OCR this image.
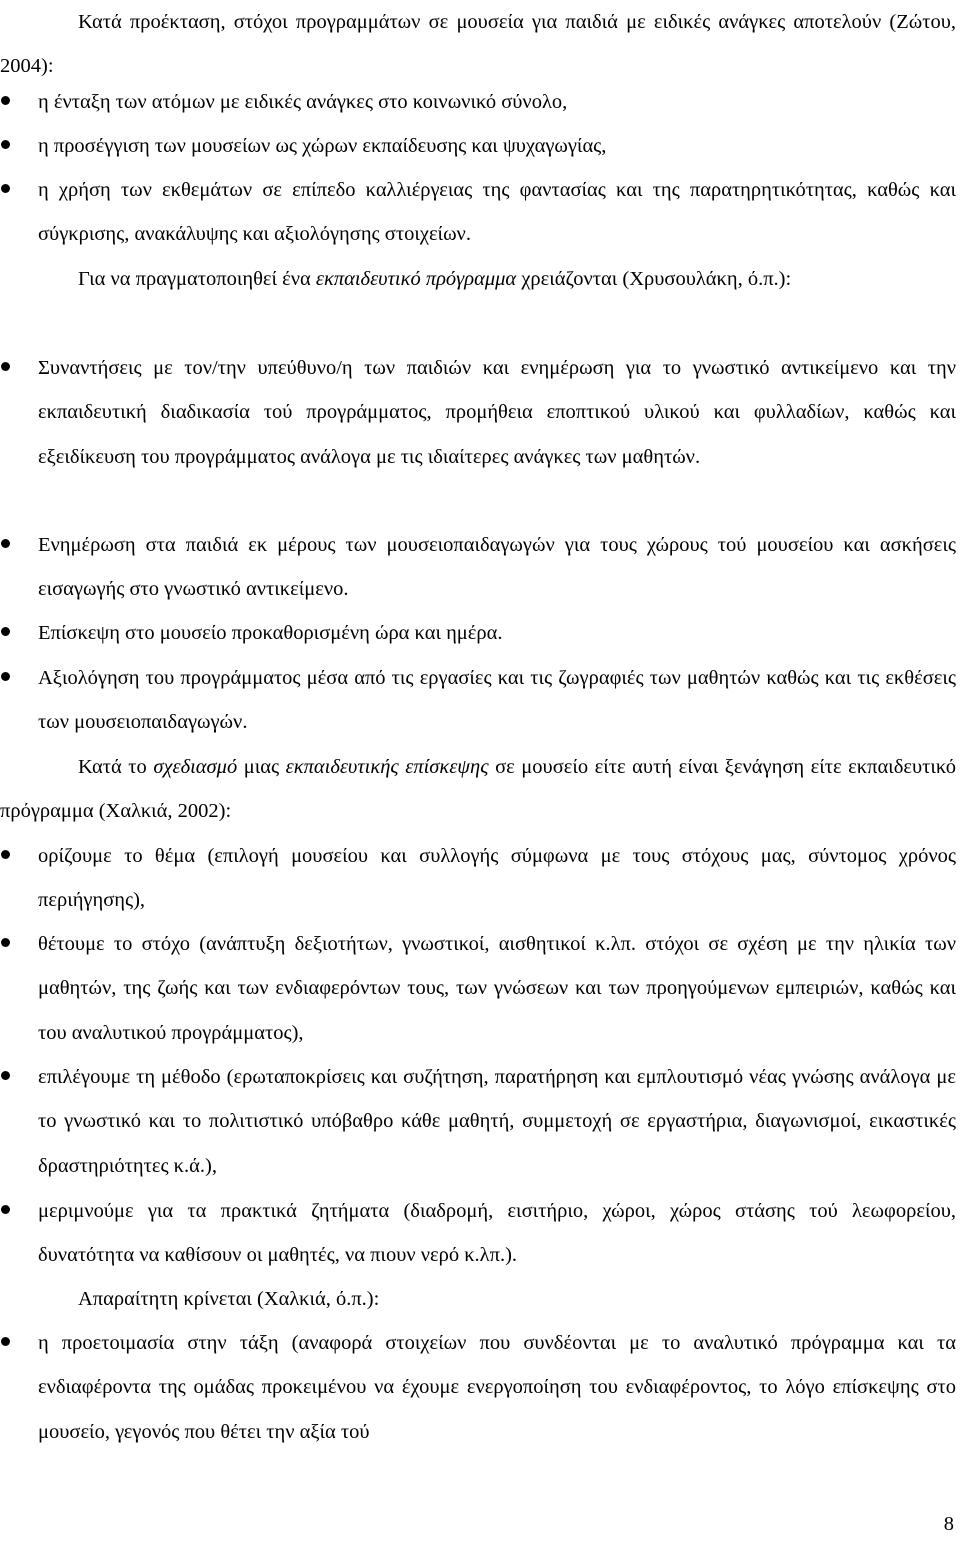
Κατά προέκταση, στόχοι προγραμμάτων σε μουσεία για παιδιά με ειδικές ανάγκες αποτελούν (Ζώτου, 2004):

η ένταξη των ατόμων με ειδικές ανάγκες στο κοινωνικό σύνολο,

η προσέγγιση των μουσείων ως χώρων εκπαίδευσης και ψυχαγωγίας,

η χρήση των εκθεμάτων σε επίπεδο καλλιέργειας της φαντασίας και της παρατηρητικότητας, καθώς και σύγκρισης, ανακάλυψης και αξιολόγησης στοιχείων.

Για να πραγματοποιηθεί ένα εκπαιδευτικό πρόγραμμα χρειάζονται (Χρυσουλάκη, ό.π.):

Συναντήσεις με τον/την υπεύθυνο/η των παιδιών και ενημέρωση για το γνωστικό αντικείμενο και την εκπαιδευτική διαδικασία τού προγράμματος, προμήθεια εποπτικού υλικού και φυλλαδίων, καθώς και εξειδίκευση του προγράμματος ανάλογα με τις ιδιαίτερες ανάγκες των μαθητών.

Ενημέρωση στα παιδιά εκ μέρους των μουσειοπαιδαγωγών για τους χώρους τού μουσείου και ασκήσεις εισαγωγής στο γνωστικό αντικείμενο.

Επίσκεψη στο μουσείο προκαθορισμένη ώρα και ημέρα.

Αξιολόγηση του προγράμματος μέσα από τις εργασίες και τις ζωγραφιές των μαθητών καθώς και τις εκθέσεις των μουσειοπαιδαγωγών.

Κατά το σχεδιασμό μιας εκπαιδευτικής επίσκεψης σε μουσείο είτε αυτή είναι ξενάγηση είτε εκπαιδευτικό πρόγραμμα (Χαλκιά, 2002):

ορίζουμε το θέμα (επιλογή μουσείου και συλλογής σύμφωνα με τους στόχους μας, σύντομος χρόνος περιήγησης),

θέτουμε το στόχο (ανάπτυξη δεξιοτήτων, γνωστικοί, αισθητικοί κ.λπ. στόχοι σε σχέση με την ηλικία των μαθητών, της ζωής και των ενδιαφερόντων τους, των γνώσεων και των προηγούμενων εμπειριών, καθώς και του αναλυτικού προγράμματος),

επιλέγουμε τη μέθοδο (ερωταποκρίσεις και συζήτηση, παρατήρηση και εμπλουτισμό νέας γνώσης ανάλογα με το γνωστικό και το πολιτιστικό υπόβαθρο κάθε μαθητή, συμμετοχή σε εργαστήρια, διαγωνισμοί, εικαστικές δραστηριότητες κ.ά.),

μεριμνούμε για τα πρακτικά ζητήματα (διαδρομή, εισιτήριο, χώροι, χώρος στάσης τού λεωφορείου, δυνατότητα να καθίσουν οι μαθητές, να πιουν νερό κ.λπ.).

Απαραίτητη κρίνεται (Χαλκιά, ό.π.):

η προετοιμασία στην τάξη (αναφορά στοιχείων που συνδέονται με το αναλυτικό πρόγραμμα και τα ενδιαφέροντα της ομάδας προκειμένου να έχουμε ενεργοποίηση του ενδιαφέροντος, το λόγο επίσκεψης στο μουσείο, γεγονός που θέτει την αξία τού

8
